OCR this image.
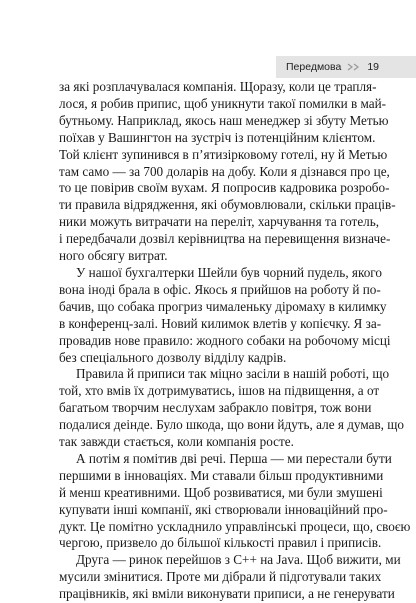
Передмова 19
за які розплачувалася компанія. Щоразу, коли це трапля-
лося, я робив припис, щоб уникнути такої помилки в май-
бутньому. Наприклад, якось наш менеджер зі збуту Метью
поїхав у Вашингтон на зустріч із потенційним клієнтом.
Той клієнт зупинився в п’ятизірковому готелі, ну й Метью
там само — за 700 доларів на добу. Коли я дізнався про це,
то це повірив своїм вухам. Я попросив кадровика розробо-
ти правила відрядження, які обумовлювали, скільки праців-
ники можуть витрачати на переліт, харчування та готель,
і передбачали дозвіл керівництва на перевищення визначе-
ного обсягу витрат.
У нашої бухгалтерки Шейли був чорний пудель, якого
вона іноді брала в офіс. Якось я прийшов на роботу й по-
бачив, що собака прогриз чималеньку діромаху в килимку
в конференц-залі. Новий килимок влетів у копієчку. Я за-
провадив нове правило: жодного собаки на робочому місці
без спеціального дозволу відділу кадрів.
Правила й приписи так міцно засіли в нашій роботі, що
той, хто вмів їх дотримуватись, ішов на підвищення, а от
багатьом творчим неслухам забракло повітря, тож вони
подалися деінде. Було шкода, що вони йдуть, але я думав, що
так завжди стається, коли компанія росте.
А потім я помітив дві речі. Перша — ми перестали бути
першими в інноваціях. Ми ставали більш продуктивними
й менш креативними. Щоб розвиватися, ми були змушені
купувати інші компанії, які створювали інноваційний про-
дукт. Це помітно ускладнило управлінські процеси, що, своєю
чергою, призвело до більшої кількості правил і приписів.
Друга — ринок перейшов з C++ на Java. Щоб вижити, ми
мусили змінитися. Проте ми дібрали й підготували таких
працівників, які вміли виконувати приписи, а не генерувати
